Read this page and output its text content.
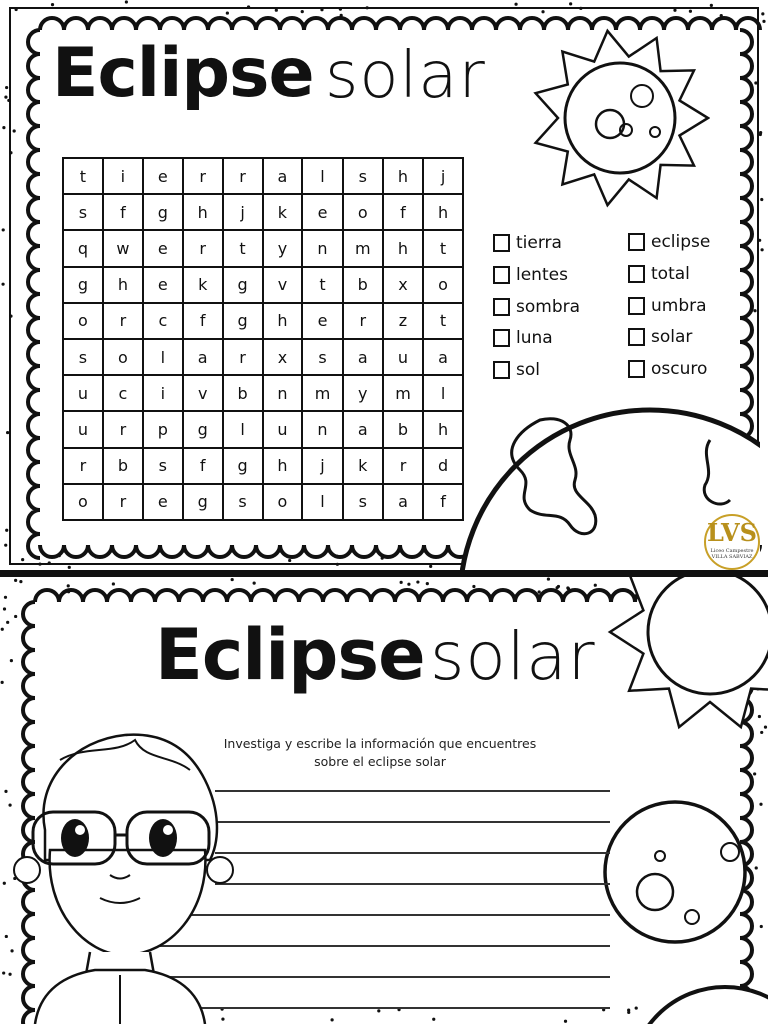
Eclipse solar
t	i	e	r	r	a	l	s	h	j
s	f	g	h	j	k	e	o	f	h
q	w	e	r	t	y	n	m	h	t
g	h	e	k	g	v	t	b	x	o
o	r	c	f	g	h	e	r	z	t
s	o	l	a	r	x	s	a	u	a
u	c	i	v	b	n	m	y	m	l
u	r	p	g	l	u	n	a	b	h
r	b	s	f	g	h	j	k	r	d
o	r	e	g	s	o	l	s	a	f
tierra
lentes
sombra
luna
sol
eclipse
total
umbra
solar
oscuro
LVS
Liceo Campestre
VILLA SABVIAZ
Eclipse solar
Investiga y escribe la información que encuentres
sobre el eclipse solar
